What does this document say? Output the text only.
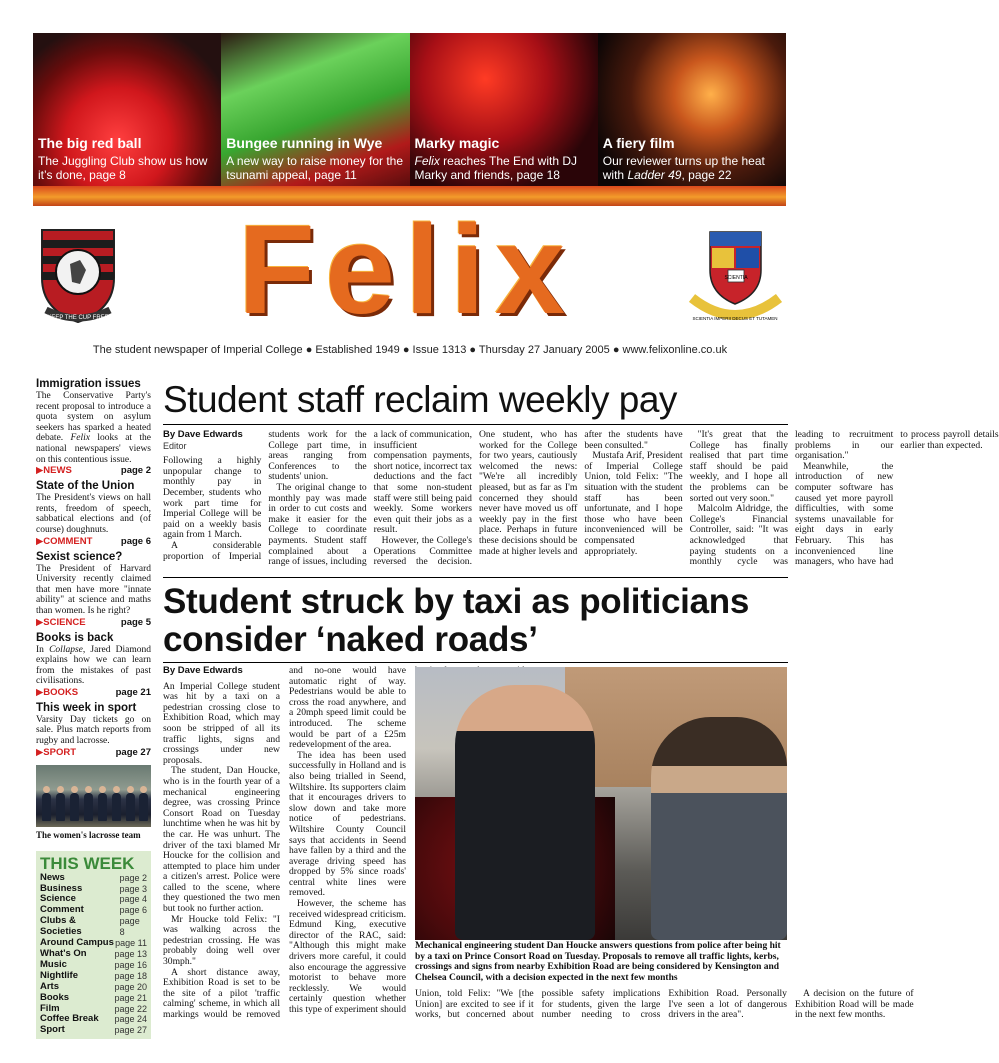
The big red ball
The Juggling Club show us how it’s done, page 8
Bungee running in Wye
A new way to raise money for the tsunami appeal, page 11
Marky magic
Felix reaches The End with DJ Marky and friends, page 18
A fiery film
Our reviewer turns up the heat with Ladder 49, page 22
KEEP THE CUP FREE Felix	SCIENTIA
SCIENTIA IMPERII DECUS ET TUTAMEN
The student newspaper of Imperial College ● Established 1949 ● Issue 1313 ● Thursday 27 January 2005 ● www.felixonline.co.uk
Immigration issues
The Conservative Party's recent proposal to introduce a quota system on asylum seekers has sparked a heated debate. Felix looks at the national newspapers' views on this contentious issue.
▶NEWS	page 2
State of the Union
The President's views on hall rents, freedom of speech, sabbatical elections and (of course) doughnuts.
▶COMMENT	page 6
Sexist science?
The President of Harvard University recently claimed that men have more "innate ability" at science and maths than women. Is he right?
▶SCIENCE	page 5
Books is back
In Collapse, Jared Diamond explains how we can learn from the mistakes of past civilisations.
▶BOOKS	page 21
This week in sport
Varsity Day tickets go on sale. Plus match reports from rugby and lacrosse.
▶SPORT	page 27
The women's lacrosse team
THIS WEEK
News	page 2
Business	page 3
Science	page 4
Comment	page 6
Clubs & Societies
page 8
Around Campus page 11
What's On	page 13
Music	page 16
Nightlife	page 18
Arts	page 20
Books	page 21
Film	page 22
Coffee Break page 24
Sport	page 27
Student staff reclaim weekly pay
By Dave Edwards
Editor

Following a highly unpopular change to monthly pay in December, students who work part time for Imperial College will be paid on a weekly basis again from 1 March.

A considerable proportion of Imperial students work for the College part time, in areas ranging from Conferences to the students' union.

The original change to monthly pay was made in order to cut costs and make it easier for the College to coordinate payments. Student staff complained about a range of issues, including a lack of communication, insufficient compensation payments, short notice, incorrect tax deductions and the fact that some non-student staff were still being paid weekly. Some workers even quit their jobs as a result.

However, the College's Operations Committee reversed the decision. One student, who has worked for the College for two years, cautiously welcomed the news: "We're all incredibly pleased, but as far as I'm concerned they should never have moved us off weekly pay in the first place. Perhaps in future these decisions should be made at higher levels and after the students have been consulted."

Mustafa Arif, President of Imperial College Union, told Felix: "The situation with the student staff has been unfortunate, and I hope those who have been inconvenienced will be compensated appropriately.

"It's great that the College has finally realised that part time staff should be paid weekly, and I hope all the problems can be sorted out very soon."

Malcolm Aldridge, the College's Financial Controller, said: "It was acknowledged that paying students on a monthly cycle was leading to recruitment problems in our organisation."

Meanwhile, the introduction of new computer software has caused yet more payroll difficulties, with some systems unavailable for eight days in early February. This has inconvenienced line managers, who have had to process payroll details earlier than expected.

Student struck by taxi as politicians consider ‘naked roads’
By Dave Edwards

An Imperial College student was hit by a taxi on a pedestrian crossing close to Exhibition Road, which may soon be stripped of all its traffic lights, signs and crossings under new proposals.

The student, Dan Houcke, who is in the fourth year of a mechanical engineering degree, was crossing Prince Consort Road on Tuesday lunchtime when he was hit by the car. He was unhurt. The driver of the taxi blamed Mr Houcke for the collision and attempted to place him under a citizen's arrest. Police were called to the scene, where they questioned the two men but took no further action.

Mr Houcke told Felix: "I was walking across the pedestrian crossing. He was probably doing well over 30mph."

A short distance away, Exhibition Road is set to be the site of a pilot 'traffic calming' scheme, in which all markings would be removed and no-one would have automatic right of way. Pedestrians would be able to cross the road anywhere, and a 20mph speed limit could be introduced. The scheme would be part of a £25m redevelopment of the area.

The idea has been used successfully in Holland and is also being trialled in Seend, Wiltshire. Its supporters claim that it encourages drivers to slow down and take more notice of pedestrians. Wiltshire County Council says that accidents in Seend have fallen by a third and the average driving speed has dropped by 5% since roads' central white lines were removed.

However, the scheme has received widespread criticism. Edmund King, executive director of the RAC, said: "Although this might make drivers more careful, it could also encourage the aggressive motorist to behave more recklessly. We would certainly question whether this type of experiment should

Mechanical engineering student Dan Houcke answers questions from police after being hit by a taxi on Prince Consort Road on Tuesday. Proposals to remove all traffic lights, kerbs, crossings and signs from nearby Exhibition Road are being considered by Kensington and Chelsea Council, with a decision expected in the next few months

Union, told Felix: "We [the Union] are excited to see if it works, but concerned about possible safety implications for students, given the large number needing to cross Exhibition Road. Personally I've seen a lot of dangerous drivers in the area".

A decision on the future of Exhibition Road will be made in the next few months.
